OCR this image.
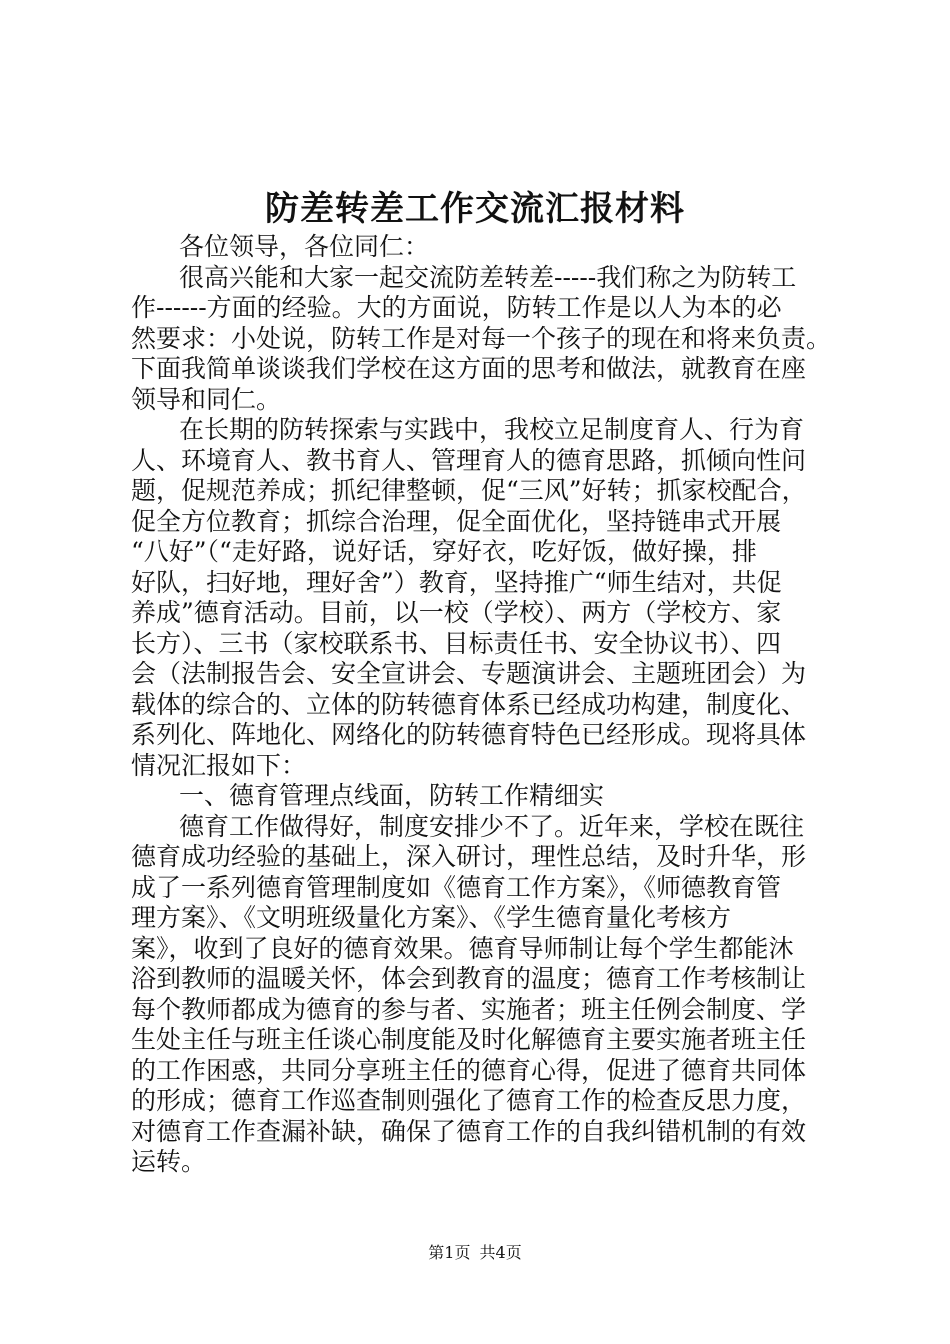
防差转差工作交流汇报材料
各位领导，各位同仁：
很高兴能和大家一起交流防差转差-----我们称之为防转工
作------方面的经验。大的方面说，防转工作是以人为本的必
然要求：小处说，防转工作是对每一个孩子的现在和将来负责。
下面我简单谈谈我们学校在这方面的思考和做法，就教育在座
领导和同仁。
在长期的防转探索与实践中，我校立足制度育人、行为育
人、环境育人、教书育人、管理育人的德育思路，抓倾向性问
题，促规范养成；抓纪律整顿，促“三风”好转；抓家校配合，
促全方位教育；抓综合治理，促全面优化，坚持链串式开展
“八好”（“走好路，说好话，穿好衣，吃好饭，做好操，排
好队，扫好地，理好舍”）教育，坚持推广“师生结对，共促
养成”德育活动。目前，以一校（学校）、两方（学校方、家
长方）、三书（家校联系书、目标责任书、安全协议书）、四
会（法制报告会、安全宣讲会、专题演讲会、主题班团会）为
载体的综合的、立体的防转德育体系已经成功构建，制度化、
系列化、阵地化、网络化的防转德育特色已经形成。现将具体
情况汇报如下：
一、德育管理点线面，防转工作精细实
德育工作做得好，制度安排少不了。近年来，学校在既往
德育成功经验的基础上，深入研讨，理性总结，及时升华，形
成了一系列德育管理制度如《德育工作方案》，《师德教育管
理方案》、《文明班级量化方案》、《学生德育量化考核方
案》，收到了良好的德育效果。德育导师制让每个学生都能沐
浴到教师的温暖关怀，体会到教育的温度；德育工作考核制让
每个教师都成为德育的参与者、实施者；班主任例会制度、学
生处主任与班主任谈心制度能及时化解德育主要实施者班主任
的工作困惑，共同分享班主任的德育心得，促进了德育共同体
的形成；德育工作巡查制则强化了德育工作的检查反思力度，
对德育工作查漏补缺，确保了德育工作的自我纠错机制的有效
运转。
第1页 共4页
